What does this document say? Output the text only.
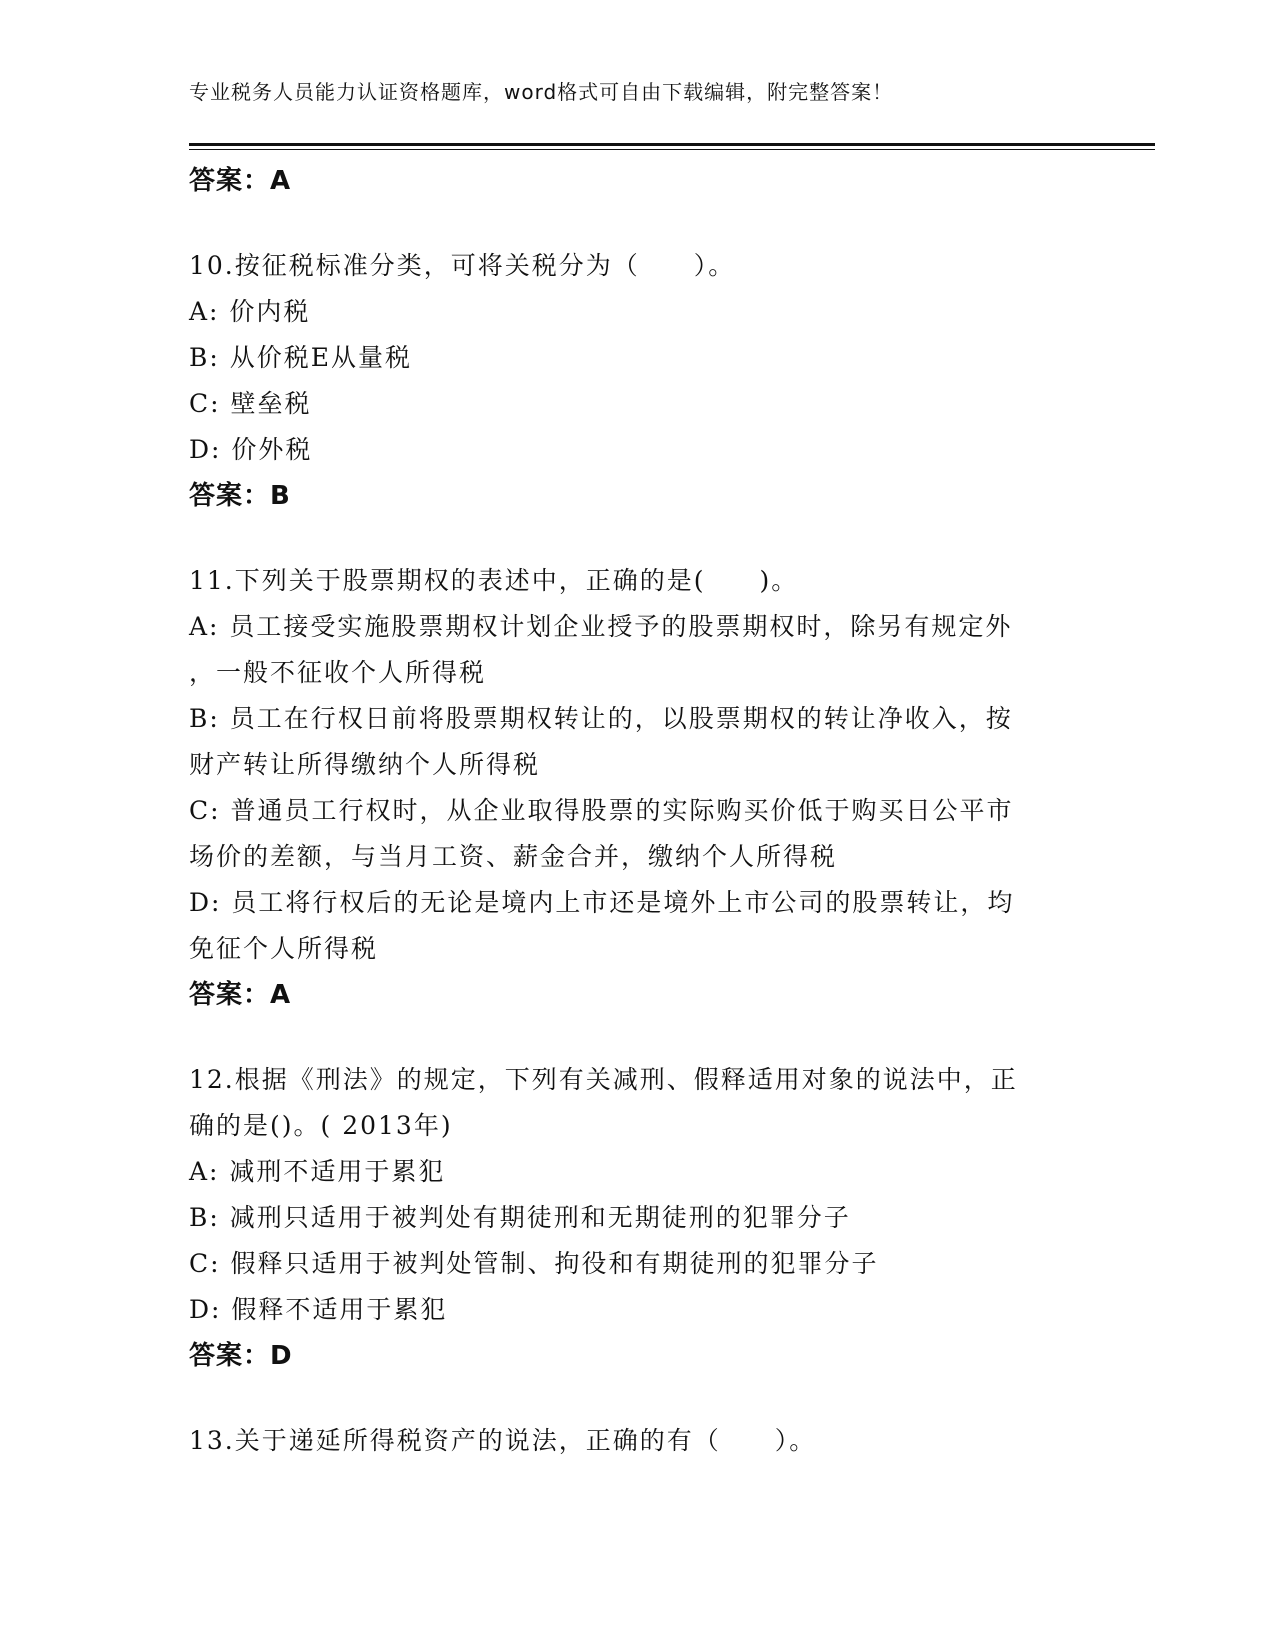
专业税务人员能力认证资格题库，word格式可自由下载编辑，附完整答案！
答案：A
10.按征税标准分类，可将关税分为（　　）。
A: 价内税
B: 从价税E从量税
C: 壁垒税
D: 价外税
答案：B
11.下列关于股票期权的表述中，正确的是(　　)。
A: 员工接受实施股票期权计划企业授予的股票期权时，除另有规定外
，一般不征收个人所得税
B: 员工在行权日前将股票期权转让的，以股票期权的转让净收入，按
财产转让所得缴纳个人所得税
C: 普通员工行权时，从企业取得股票的实际购买价低于购买日公平市
场价的差额，与当月工资、薪金合并，缴纳个人所得税
D: 员工将行权后的无论是境内上市还是境外上市公司的股票转让，均
免征个人所得税
答案：A
12.根据《刑法》的规定，下列有关减刑、假释适用对象的说法中，正
确的是()。( 2013年)
A: 减刑不适用于累犯
B: 减刑只适用于被判处有期徒刑和无期徒刑的犯罪分子
C: 假释只适用于被判处管制、拘役和有期徒刑的犯罪分子
D: 假释不适用于累犯
答案：D
13.关于递延所得税资产的说法，正确的有（　　）。
